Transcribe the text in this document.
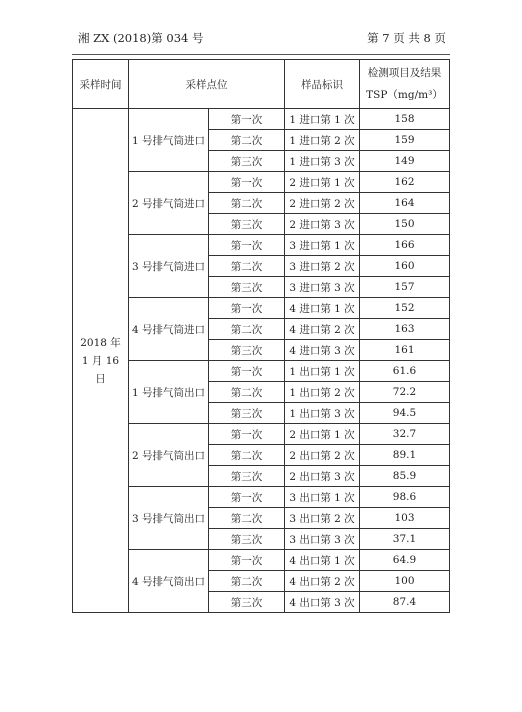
湘 ZX (2018)第 034 号	第 7 页 共 8 页
采样时间	采样点位		样品标识	检测项目及结果
TSP（mg/m³）

2018 年 1 月 16 日	1 号排气筒进口	第一次	1 进口第 1 次	158
		第二次	1 进口第 2 次	159
		第三次	1 进口第 3 次	149
	2 号排气筒进口	第一次	2 进口第 1 次	162
		第二次	2 进口第 2 次	164
		第三次	2 进口第 3 次	150
	3 号排气筒进口	第一次	3 进口第 1 次	166
		第二次	3 进口第 2 次	160
		第三次	3 进口第 3 次	157
	4 号排气筒进口	第一次	4 进口第 1 次	152
		第二次	4 进口第 2 次	163
		第三次	4 进口第 3 次	161
	1 号排气筒出口	第一次	1 出口第 1 次	61.6
		第二次	1 出口第 2 次	72.2
		第三次	1 出口第 3 次	94.5
	2 号排气筒出口	第一次	2 出口第 1 次	32.7
		第二次	2 出口第 2 次	89.1
		第三次	2 出口第 3 次	85.9
	3 号排气筒出口	第一次	3 出口第 1 次	98.6
		第二次	3 出口第 2 次	103
		第三次	3 出口第 3 次	37.1
	4 号排气筒出口	第一次	4 出口第 1 次	64.9
		第二次	4 出口第 2 次	100
		第三次	4 出口第 3 次	87.4
